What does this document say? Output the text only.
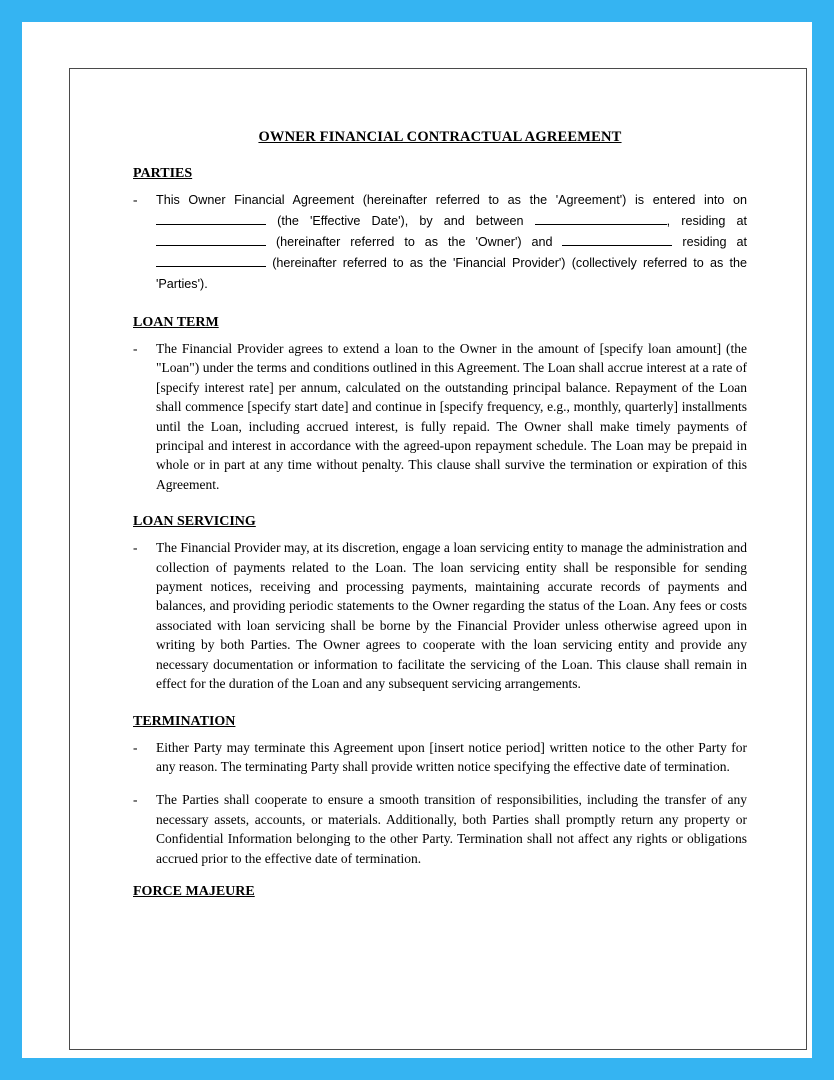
OWNER FINANCIAL CONTRACTUAL AGREEMENT
PARTIES
-	This Owner Financial Agreement (hereinafter referred to as the 'Agreement') is entered into on  (the 'Effective Date'), by and between	, residing at  (hereinafter referred to as the 'Owner') and	residing at  (hereinafter referred to as the 'Financial Provider') (collectively referred to as the 'Parties').
LOAN TERM
-	The Financial Provider agrees to extend a loan to the Owner in the amount of [specify loan amount] (the "Loan") under the terms and conditions outlined in this Agreement. The Loan shall accrue interest at a rate of [specify interest rate] per annum, calculated on the outstanding principal balance. Repayment of the Loan shall commence [specify start date] and continue in [specify frequency, e.g., monthly, quarterly] installments until the Loan, including accrued interest, is fully repaid. The Owner shall make timely payments of principal and interest in accordance with the agreed-upon repayment schedule. The Loan may be prepaid in whole or in part at any time without penalty. This clause shall survive the termination or expiration of this Agreement.
LOAN SERVICING
-	The Financial Provider may, at its discretion, engage a loan servicing entity to manage the administration and collection of payments related to the Loan. The loan servicing entity shall be responsible for sending payment notices, receiving and processing payments, maintaining accurate records of payments and balances, and providing periodic statements to the Owner regarding the status of the Loan. Any fees or costs associated with loan servicing shall be borne by the Financial Provider unless otherwise agreed upon in writing by both Parties. The Owner agrees to cooperate with the loan servicing entity and provide any necessary documentation or information to facilitate the servicing of the Loan. This clause shall remain in effect for the duration of the Loan and any subsequent servicing arrangements.
TERMINATION
-	Either Party may terminate this Agreement upon [insert notice period] written notice to the other Party for any reason. The terminating Party shall provide written notice specifying the effective date of termination.
-	The Parties shall cooperate to ensure a smooth transition of responsibilities, including the transfer of any necessary assets, accounts, or materials. Additionally, both Parties shall promptly return any property or Confidential Information belonging to the other Party. Termination shall not affect any rights or obligations accrued prior to the effective date of termination.
FORCE MAJEURE
